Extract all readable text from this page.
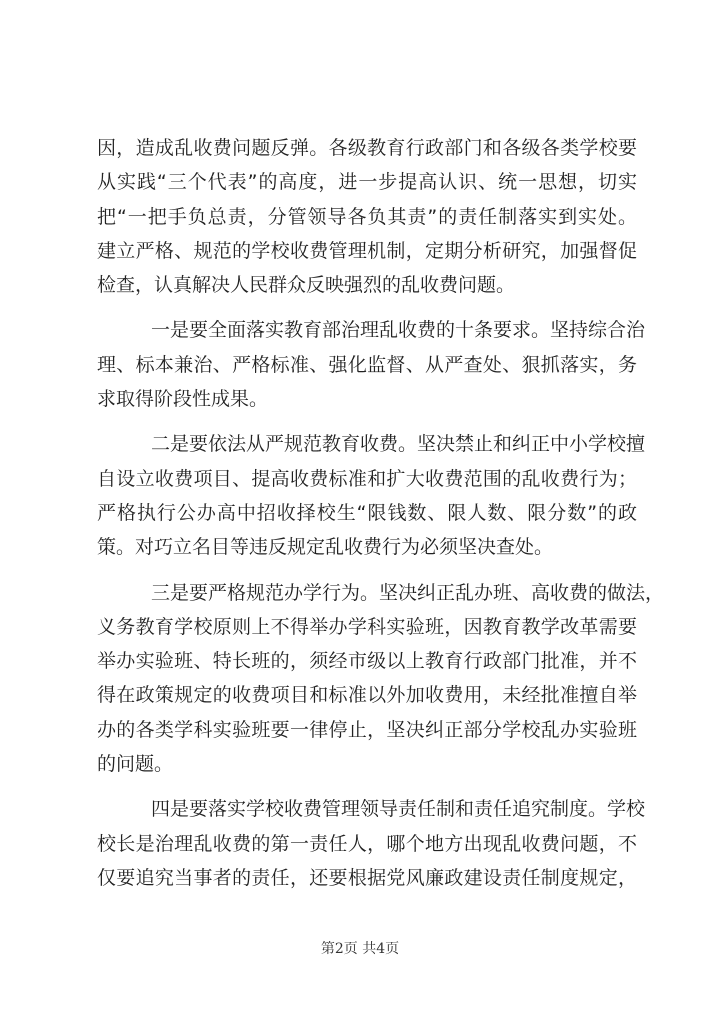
因，造成乱收费问题反弹。各级教育行政部门和各级各类学校要
从实践“三个代表”的高度，进一步提高认识、统一思想，切实
把“一把手负总责，分管领导各负其责”的责任制落实到实处。
建立严格、规范的学校收费管理机制，定期分析研究，加强督促
检查，认真解决人民群众反映强烈的乱收费问题。
一是要全面落实教育部治理乱收费的十条要求。坚持综合治
理、标本兼治、严格标准、强化监督、从严查处、狠抓落实，务
求取得阶段性成果。
二是要依法从严规范教育收费。坚决禁止和纠正中小学校擅
自设立收费项目、提高收费标准和扩大收费范围的乱收费行为；
严格执行公办高中招收择校生“限钱数、限人数、限分数”的政
策。对巧立名目等违反规定乱收费行为必须坚决查处。
三是要严格规范办学行为。坚决纠正乱办班、高收费的做法，
义务教育学校原则上不得举办学科实验班，因教育教学改革需要
举办实验班、特长班的，须经市级以上教育行政部门批准，并不
得在政策规定的收费项目和标准以外加收费用，未经批准擅自举
办的各类学科实验班要一律停止，坚决纠正部分学校乱办实验班
的问题。
四是要落实学校收费管理领导责任制和责任追究制度。学校
校长是治理乱收费的第一责任人，哪个地方出现乱收费问题，不
仅要追究当事者的责任，还要根据党风廉政建设责任制度规定，
第2页 共4页
